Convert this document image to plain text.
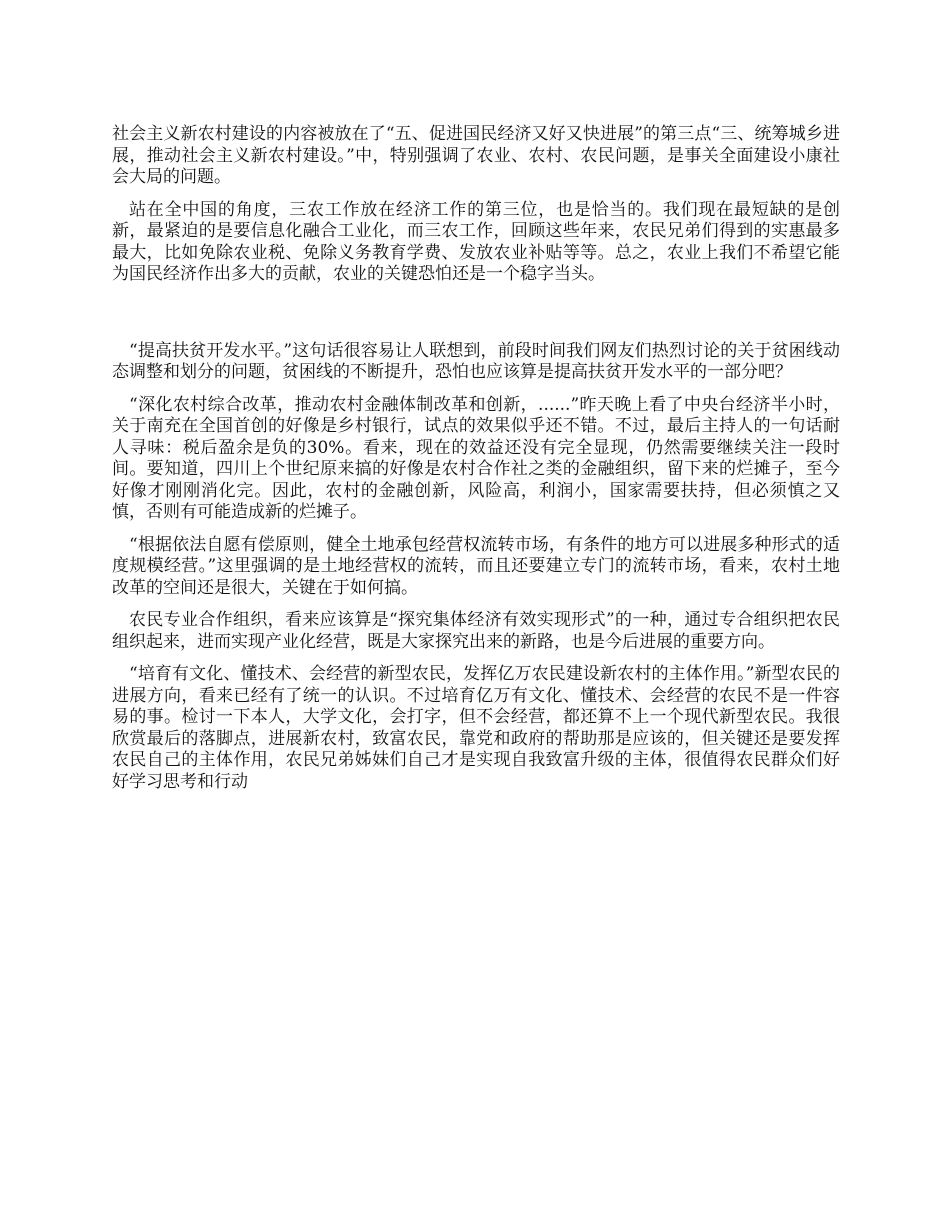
社会主义新农村建设的内容被放在了“五、促进国民经济又好又快进展”的第三点“三、统筹城乡进展，推动社会主义新农村建设。”中，特别强调了农业、农村、农民问题，是事关全面建设小康社会大局的问题。

站在全中国的角度，三农工作放在经济工作的第三位，也是恰当的。我们现在最短缺的是创新，最紧迫的是要信息化融合工业化，而三农工作，回顾这些年来，农民兄弟们得到的实惠最多最大，比如免除农业税、免除义务教育学费、发放农业补贴等等。总之，农业上我们不希望它能为国民经济作出多大的贡献，农业的关键恐怕还是一个稳字当头。

“提高扶贫开发水平。”这句话很容易让人联想到，前段时间我们网友们热烈讨论的关于贫困线动态调整和划分的问题，贫困线的不断提升，恐怕也应该算是提高扶贫开发水平的一部分吧？

“深化农村综合改革，推动农村金融体制改革和创新，......”昨天晚上看了中央台经济半小时，关于南充在全国首创的好像是乡村银行，试点的效果似乎还不错。不过，最后主持人的一句话耐人寻味：税后盈余是负的30%。看来，现在的效益还没有完全显现，仍然需要继续关注一段时间。要知道，四川上个世纪原来搞的好像是农村合作社之类的金融组织，留下来的烂摊子，至今好像才刚刚消化完。因此，农村的金融创新，风险高，利润小，国家需要扶持，但必须慎之又慎，否则有可能造成新的烂摊子。

“根据依法自愿有偿原则，健全土地承包经营权流转市场，有条件的地方可以进展多种形式的适度规模经营。”这里强调的是土地经营权的流转，而且还要建立专门的流转市场，看来，农村土地改革的空间还是很大，关键在于如何搞。

农民专业合作组织，看来应该算是“探究集体经济有效实现形式”的一种，通过专合组织把农民组织起来，进而实现产业化经营，既是大家探究出来的新路，也是今后进展的重要方向。

“培育有文化、懂技术、会经营的新型农民，发挥亿万农民建设新农村的主体作用。”新型农民的进展方向，看来已经有了统一的认识。不过培育亿万有文化、懂技术、会经营的农民不是一件容易的事。检讨一下本人，大学文化，会打字，但不会经营，都还算不上一个现代新型农民。我很欣赏最后的落脚点，进展新农村，致富农民，靠党和政府的帮助那是应该的，但关键还是要发挥农民自己的主体作用，农民兄弟姊妹们自己才是实现自我致富升级的主体，很值得农民群众们好好学习思考和行动
